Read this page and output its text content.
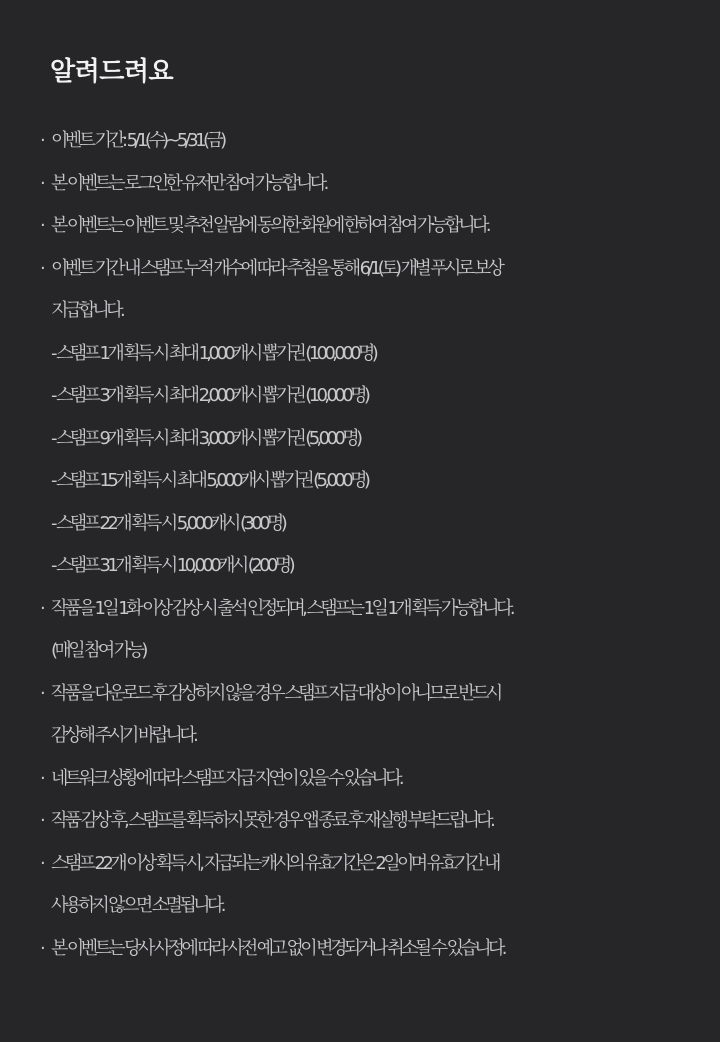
알려드려요
· 이벤트 기간: 5/1(수)~5/31(금)
· 본 이벤트는 로그인한 유저만 참여 가능합니다.
· 본 이벤트는 이벤트 및 추천 알림에 동의한 회원에 한하여 참여 가능합니다.
· 이벤트 기간 내 스탬프 누적 개수에 따라 추첨을 통해 6/1(토) 개별 푸시로 보상
지급합니다.
- 스탬프 1개 획득 시 최대 1,000캐시 뽑기권 (100,000명)
- 스탬프 3개 획득 시 최대 2,000캐시 뽑기권 (10,000명)
- 스탬프 9개 획득 시 최대 3,000캐시 뽑기권 (5,000명)
- 스탬프 15개 획득 시 최대 5,000캐시 뽑기권 (5,000명)
- 스탬프 22개 획득 시 5,000캐시 (300명)
- 스탬프 31개 획득 시 10,000캐시 (200명)
· 작품을 1일 1화 이상 감상 시 출석 인정되며, 스탬프는 1일 1개 획득 가능합니다.
(매일 참여 가능)
· 작품을 다운로드 후 감상하지 않을 경우 스탬프 지급 대상이 아니므로 반드시
감상해 주시기 바랍니다.
· 네트워크 상황에 따라 스탬프 지급 지연이 있을 수 있습니다.
· 작품 감상 후, 스탬프를 획득하지 못한 경우 앱 종료 후 재실행 부탁드립니다.
· 스탬프 22개 이상 획득 시, 지급되는 캐시의 유효기간은 2일이며 유효기간 내
사용하지 않으면 소멸됩니다.
· 본 이벤트는 당사 사정에 따라 사전 예고 없이 변경되거나 취소될 수 있습니다.
